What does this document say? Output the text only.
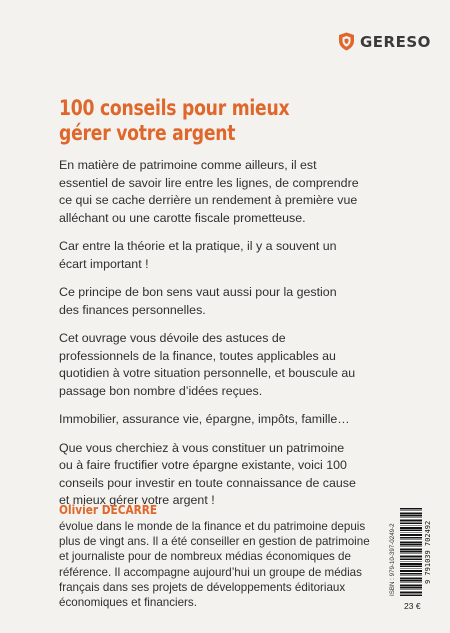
GERESO
100 conseils pour mieux
gérer votre argent

En matière de patrimoine comme ailleurs, il est essentiel de savoir lire entre les lignes, de comprendre ce qui se cache derrière un rendement à première vue alléchant ou une carotte fiscale prometteuse.

Car entre la théorie et la pratique, il y a souvent un écart important !

Ce principe de bon sens vaut aussi pour la gestion des finances personnelles.

Cet ouvrage vous dévoile des astuces de professionnels de la finance, toutes applicables au quotidien à votre situation personnelle, et bouscule au passage bon nombre d’idées reçues.

Immobilier, assurance vie, épargne, impôts, famille…

Que vous cherchiez à vous constituer un patrimoine ou à faire fructifier votre épargne existante, voici 100 conseils pour investir en toute connaissance de cause et mieux gérer votre argent !

Olivier DECARRE

évolue dans le monde de la finance et du patrimoine depuis plus de vingt ans. Il a été conseiller en gestion de patrimoine et journaliste pour de nombreux médias économiques de référence. Il accompagne aujourd’hui un groupe de médias français dans ses projets de développements éditoriaux économiques et financiers.

ISBN : 979-10-397-0249-2	9 791039 702492
23 €
